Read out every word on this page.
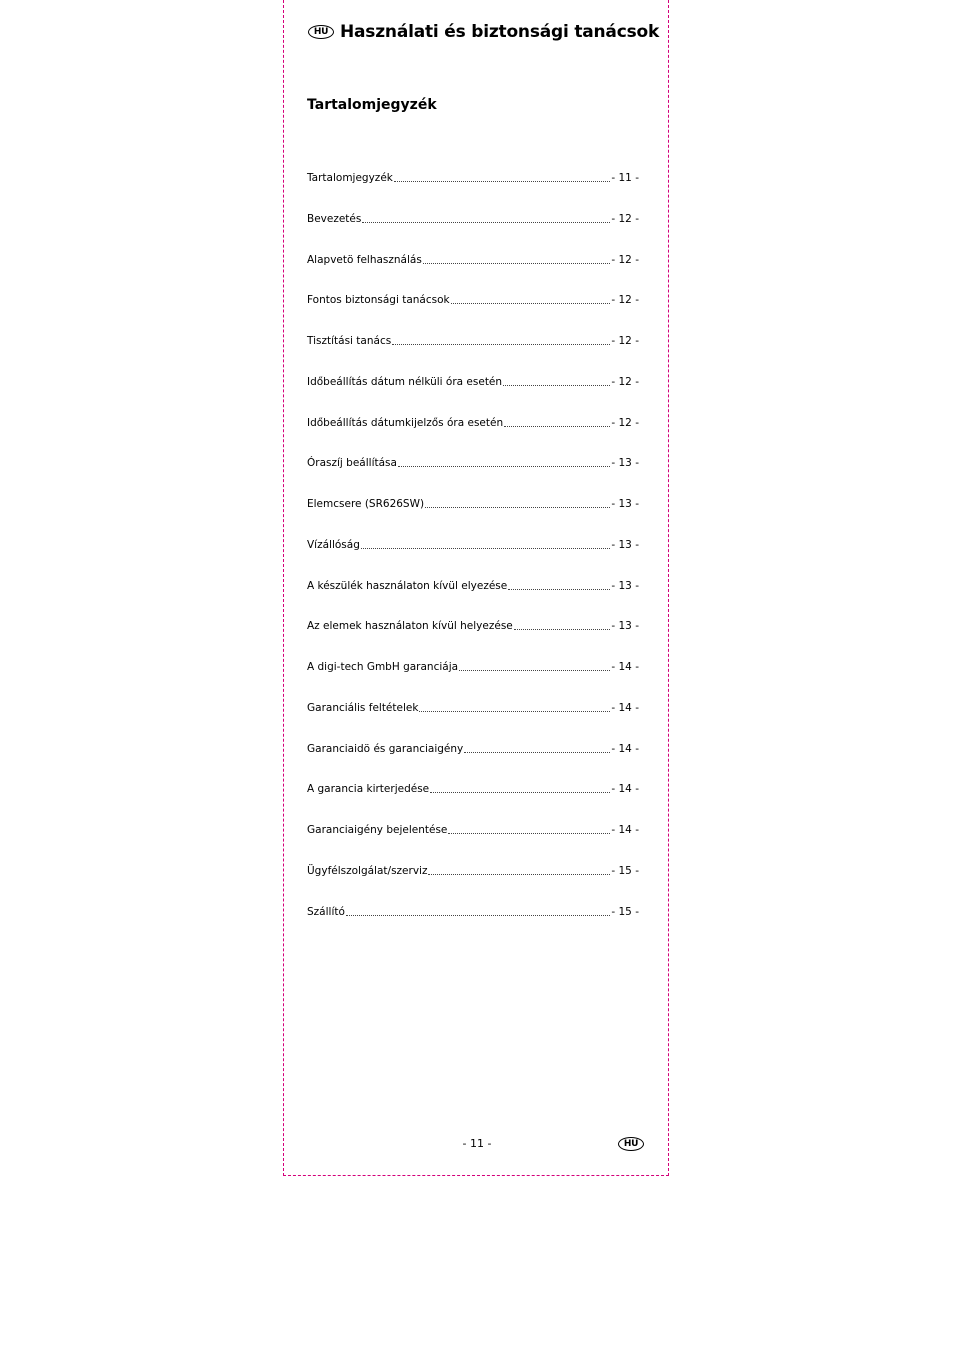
HU Használati és biztonsági tanácsok
Tartalomjegyzék
Tartalomjegyzék	- 11 -
Bevezetés	- 12 -
Alapvetö felhasználás	- 12 -
Fontos biztonsági tanácsok	- 12 -
Tisztítási tanács	- 12 -
Időbeállítás dátum nélküli óra esetén	- 12 -
Időbeállítás dátumkijelzős óra esetén	- 12 -
Óraszíj beállítása	- 13 -
Elemcsere (SR626SW)	- 13 -
Vízállóság	- 13 -
A készülék használaton kívül elyezése	- 13 -
Az elemek használaton kívül helyezése	- 13 -
A digi-tech GmbH garanciája	- 14 -
Garanciális feltételek	- 14 -
Garanciaidö és garanciaigény	- 14 -
A garancia kirterjedése	- 14 -
Garanciaigény bejelentése	- 14 -
Ügyfélszolgálat/szerviz	- 15 -
Szállító	- 15 -
- 11 -	HU
